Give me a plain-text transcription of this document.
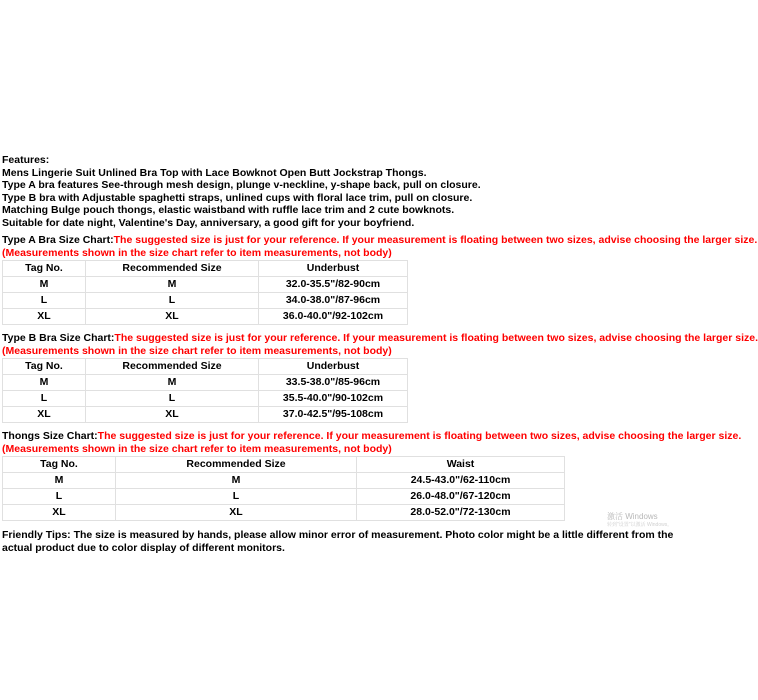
Features:
Mens Lingerie Suit Unlined Bra Top with Lace Bowknot Open Butt Jockstrap Thongs.
Type A bra features See-through mesh design, plunge v-neckline, y-shape back, pull on closure.
Type B bra with Adjustable spaghetti straps, unlined cups with floral lace trim, pull on closure.
Matching Bulge pouch thongs, elastic waistband with ruffle lace trim and 2 cute bowknots.
Suitable for date night, Valentine's Day, anniversary, a good gift for your boyfriend.
Type A Bra Size Chart:The suggested size is just for your reference. If your measurement is floating between two sizes, advise choosing the larger size.
(Measurements shown in the size chart refer to item measurements, not body)
Tag No.	Recommended Size	Underbust
M	M	32.0-35.5"/82-90cm
L	L	34.0-38.0"/87-96cm
XL	XL	36.0-40.0"/92-102cm
Type B Bra Size Chart:The suggested size is just for your reference. If your measurement is floating between two sizes, advise choosing the larger size.
(Measurements shown in the size chart refer to item measurements, not body)
Tag No.	Recommended Size	Underbust
M	M	33.5-38.0"/85-96cm
L	L	35.5-40.0"/90-102cm
XL	XL	37.0-42.5"/95-108cm
Thongs Size Chart:The suggested size is just for your reference. If your measurement is floating between two sizes, advise choosing the larger size.
(Measurements shown in the size chart refer to item measurements, not body)
Tag No.	Recommended Size	Waist
M	M	24.5-43.0"/62-110cm
L	L	26.0-48.0"/67-120cm
XL	XL	28.0-52.0"/72-130cm	激活 Windows
转到"设置"以激活 Windows。
Friendly Tips: The size is measured by hands, please allow minor error of measurement. Photo color might be a little different from the actual product due to color display of different monitors.
